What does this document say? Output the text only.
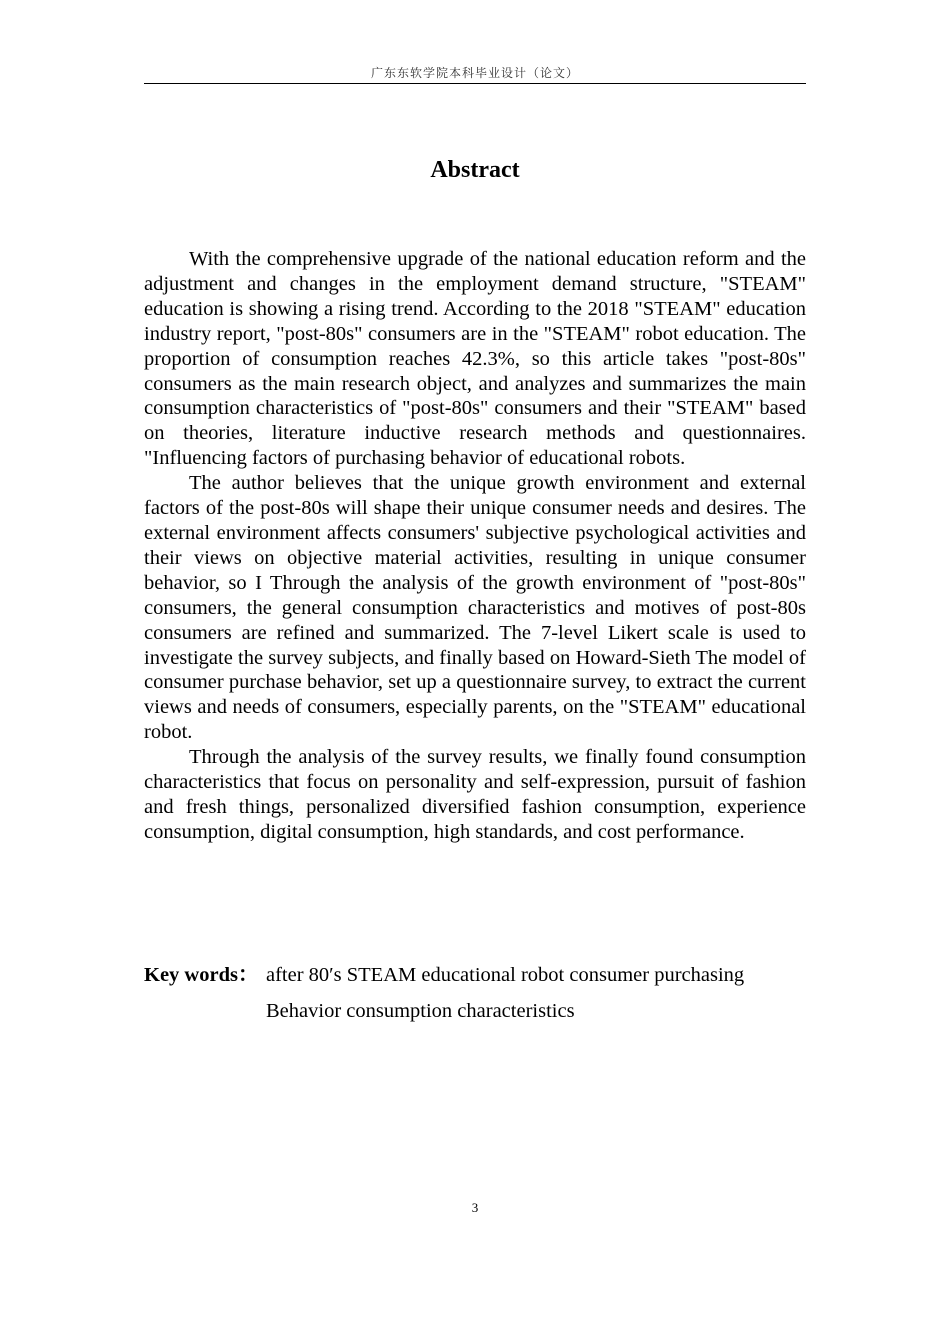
广东东软学院本科毕业设计（论文）
Abstract

With the comprehensive upgrade of the national education reform and the adjustment and changes in the employment demand structure, "STEAM" education is showing a rising trend. According to the 2018 "STEAM" education industry report, "post-80s" consumers are in the "STEAM" robot education. The proportion of consumption reaches 42.3%, so this article takes "post-80s" consumers as the main research object, and analyzes and summarizes the main consumption characteristics of "post-80s" consumers and their "STEAM" based on theories, literature inductive research methods and questionnaires. "Influencing factors of purchasing behavior of educational robots.

The author believes that the unique growth environment and external factors of the post-80s will shape their unique consumer needs and desires. The external environment affects consumers' subjective psychological activities and their views on objective material activities, resulting in unique consumer behavior, so I Through the analysis of the growth environment of "post-80s" consumers, the general consumption characteristics and motives of post-80s consumers are refined and summarized. The 7-level Likert scale is used to investigate the survey subjects, and finally based on Howard-Sieth The model of consumer purchase behavior, set up a questionnaire survey, to extract the current views and needs of consumers, especially parents, on the "STEAM" educational robot.

Through the analysis of the survey results, we finally found consumption characteristics that focus on personality and self-expression, pursuit of fashion and fresh things, personalized diversified fashion consumption, experience consumption, digital consumption, high standards, and cost performance.

Key words： after 80′s STEAM educational robot consumer purchasing
Behavior consumption characteristics
3
